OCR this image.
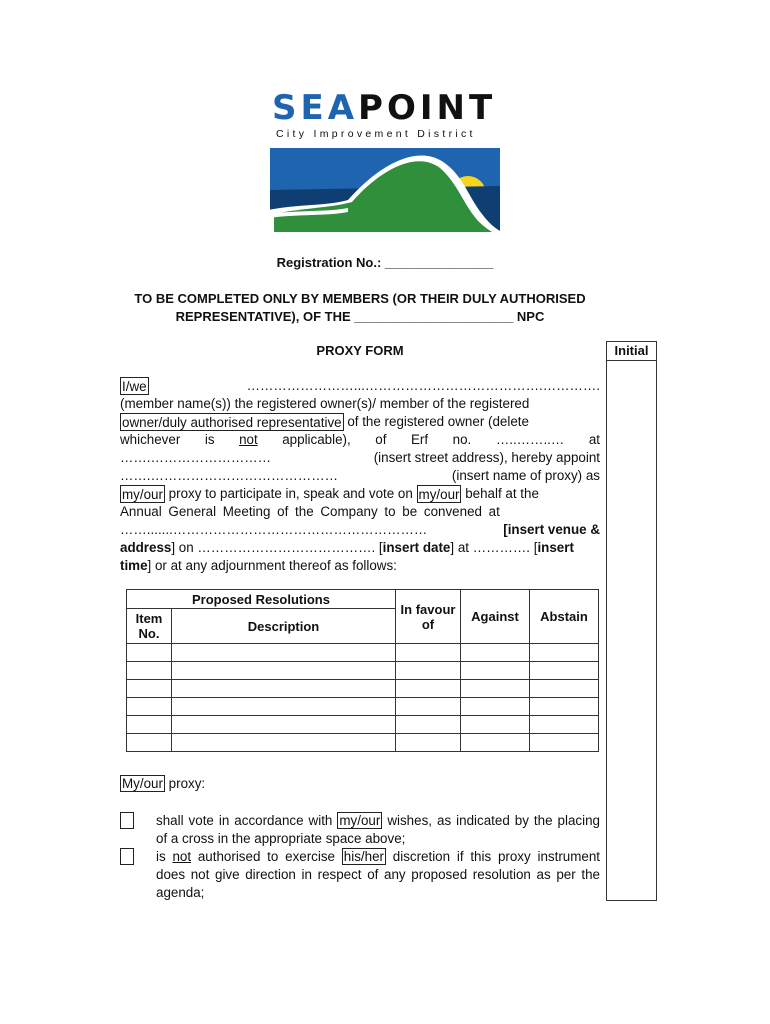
SEAPOINT
City Improvement District
Registration No.: _______________
TO BE COMPLETED ONLY BY MEMBERS (OR THEIR DULY AUTHORISED
REPRESENTATIVE), OF THE ______________________ NPC
PROXY FORM	Initial
I/we	……………………...………………………………….………….
(member name(s)) the registered owner(s)/ member of the registered
owner/duly authorised representative of the registered owner (delete
whichever is not applicable), of Erf no. …..……..… at
…….………………………	(insert street address), hereby appoint
…….……………………………………	(insert name of proxy) as
my/our proxy to participate in, speak and vote on my/our behalf at the
Annual General Meeting of the Company to be convened at
…….......…………………………………………………	[insert venue &
address ] on …………………………………. [ insert date ] at …………. [ insert
time ] or at any adjournment thereof as follows:
Proposed Resolutions		In favour of	Against	Abstain
Item No.	Description			

My/our proxy:
shall vote in accordance with my/our wishes, as indicated by the placing of a cross in the appropriate space above;
is not authorised to exercise his/her discretion if this proxy instrument does not give direction in respect of any proposed resolution as per the agenda;
